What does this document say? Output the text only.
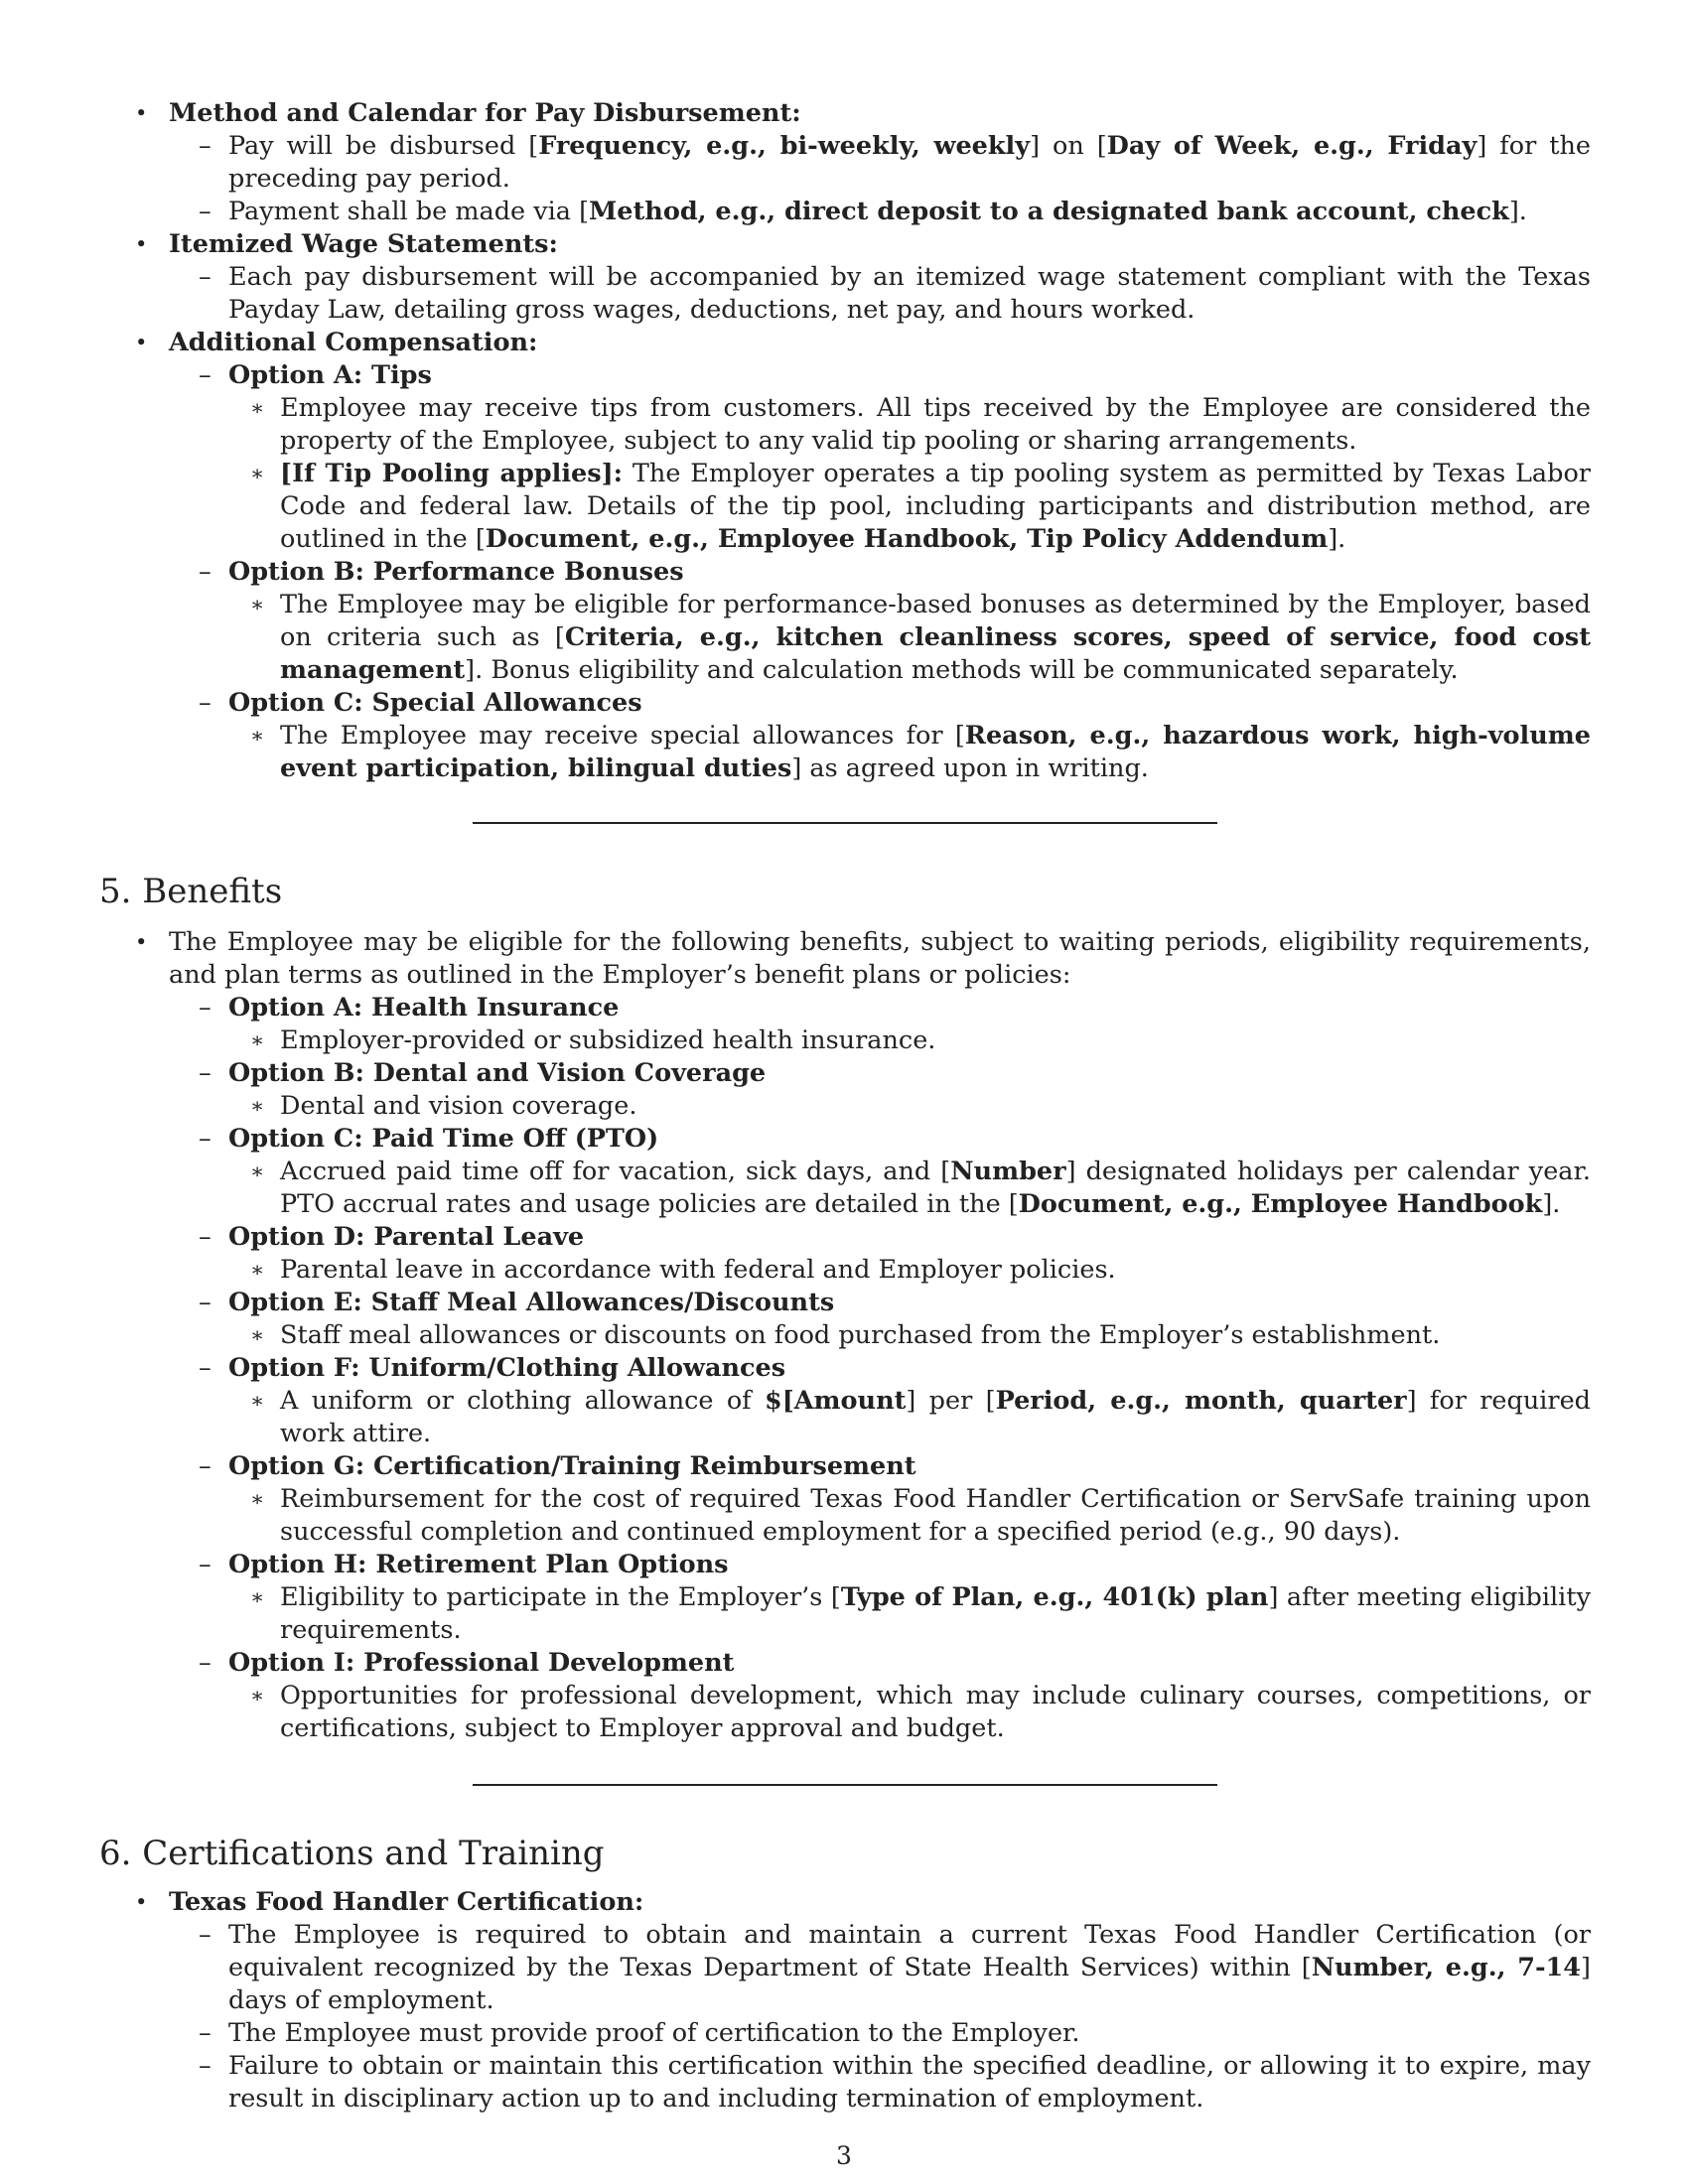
• Method and Calendar for Pay Disbursement:
– Pay will be disbursed [Frequency, e.g., bi-weekly, weekly] on [Day of Week, e.g., Friday] for the preceding pay period.
– Payment shall be made via [Method, e.g., direct deposit to a designated bank account, check].
• Itemized Wage Statements:
– Each pay disbursement will be accompanied by an itemized wage statement compliant with the Texas Payday Law, detailing gross wages, deductions, net pay, and hours worked.
• Additional Compensation:
– Option A: Tips
∗ Employee may receive tips from customers. All tips received by the Employee are considered the property of the Employee, subject to any valid tip pooling or sharing arrangements.
∗ [If Tip Pooling applies]: The Employer operates a tip pooling system as permitted by Texas Labor Code and federal law. Details of the tip pool, including participants and distribution method, are outlined in the [Document, e.g., Employee Handbook, Tip Policy Addendum].
– Option B: Performance Bonuses
∗ The Employee may be eligible for performance-based bonuses as determined by the Employer, based on criteria such as [Criteria, e.g., kitchen cleanliness scores, speed of service, food cost management]. Bonus eligibility and calculation methods will be communicated separately.
– Option C: Special Allowances
∗ The Employee may receive special allowances for [Reason, e.g., hazardous work, high-volume event participation, bilingual duties] as agreed upon in writing.
5. Benefits
• The Employee may be eligible for the following benefits, subject to waiting periods, eligibility requirements, and plan terms as outlined in the Employer’s benefit plans or policies:
– Option A: Health Insurance
∗ Employer-provided or subsidized health insurance.
– Option B: Dental and Vision Coverage
∗ Dental and vision coverage.
– Option C: Paid Time Off (PTO)
∗ Accrued paid time off for vacation, sick days, and [Number] designated holidays per calendar year. PTO accrual rates and usage policies are detailed in the [Document, e.g., Employee Handbook].
– Option D: Parental Leave
∗ Parental leave in accordance with federal and Employer policies.
– Option E: Staff Meal Allowances/Discounts
∗ Staff meal allowances or discounts on food purchased from the Employer’s establishment.
– Option F: Uniform/Clothing Allowances
∗ A uniform or clothing allowance of $[Amount] per [Period, e.g., month, quarter] for required work attire.
– Option G: Certification/Training Reimbursement
∗ Reimbursement for the cost of required Texas Food Handler Certification or ServSafe training upon successful completion and continued employment for a specified period (e.g., 90 days).
– Option H: Retirement Plan Options
∗ Eligibility to participate in the Employer’s [Type of Plan, e.g., 401(k) plan] after meeting eligibility requirements.
– Option I: Professional Development
∗ Opportunities for professional development, which may include culinary courses, competitions, or certifications, subject to Employer approval and budget.
6. Certifications and Training
• Texas Food Handler Certification:
– The Employee is required to obtain and maintain a current Texas Food Handler Certification (or equivalent recognized by the Texas Department of State Health Services) within [Number, e.g., 7-14] days of employment.
– The Employee must provide proof of certification to the Employer.
– Failure to obtain or maintain this certification within the specified deadline, or allowing it to expire, may result in disciplinary action up to and including termination of employment.
3
